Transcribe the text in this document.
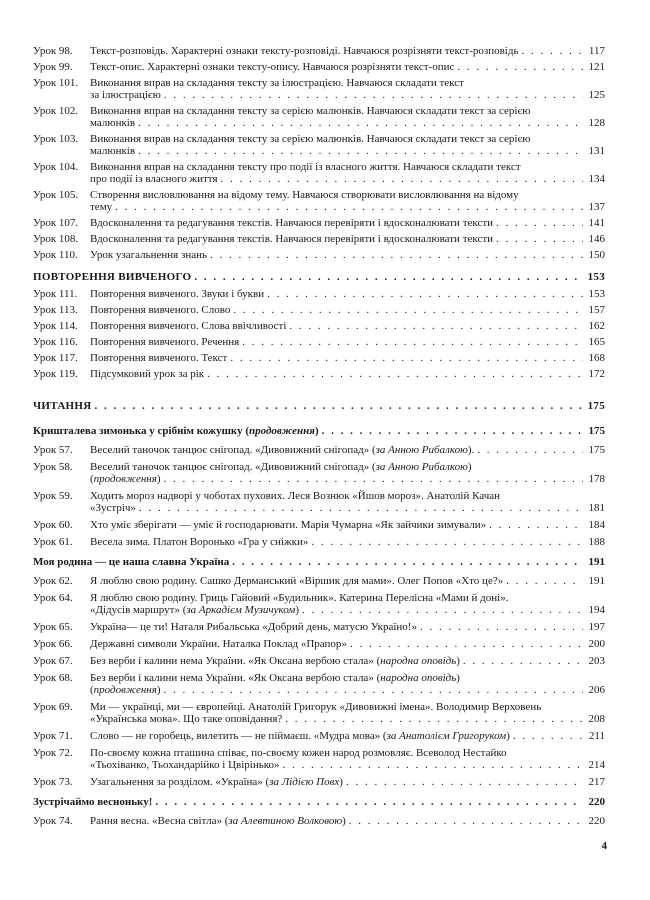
Урок 98.	Текст-розповідь. Характерні ознаки тексту-розповіді. Навчаюся розрізняти текст-розповідь . . .	117
Урок 99.	Текст-опис. Характерні ознаки тексту-опису. Навчаюся розрізняти текст-опис . . .	121
Урок 101.	Виконання вправ на складання тексту за ілюстрацією. Навчаюся складати текст
за ілюстрацією . . .	125
Урок 102.	Виконання вправ на складання тексту за серією малюнків. Навчаюся складати текст за серією
малюнків . . .	128
Урок 103.	Виконання вправ на складання тексту за серією малюнків. Навчаюся складати текст за серією
малюнків . . .	131
Урок 104.	Виконання вправ на складання тексту про події із власного життя. Навчаюся складати текст
про події із власного життя . . .	134
Урок 105.	Створення висловлювання на відому тему. Навчаюся створювати висловлювання на відому
тему . . .	137
Урок 107.	Вдосконалення та редагування текстів. Навчаюся перевіряти і вдосконалювати тексти . . .	141
Урок 108.	Вдосконалення та редагування текстів. Навчаюся перевіряти і вдосконалювати тексти . . .	146
Урок 110.	Урок узагальнення знань . . .	150
ПОВТОРЕННЯ ВИВЧЕНОГО . . .	153
Урок 111.	Повторення вивченого. Звуки і букви . . .	153
Урок 113.	Повторення вивченого. Слово . . .	157
Урок 114.	Повторення вивченого. Слова ввічливості . . .	162
Урок 116.	Повторення вивченого. Речення . . .	165
Урок 117.	Повторення вивченого. Текст . . .	168
Урок 119.	Підсумковий урок за рік . . .	172
ЧИТАННЯ . . .	175
Кришталева зимонька у срібнім кожушку (продовження) . . .	175
Урок 57.	Веселий таночок танцює снігопад. «Дивовижний снігопад» (за Анною Рибалкою). . . .	175
Урок 58.	Веселий таночок танцює снігопад. «Дивовижний снігопад» (за Анною Рибалкою)
(продовження) . . .	178
Урок 59.	Ходить мороз надворі у чоботах пухових. Леся Вознюк «Йшов мороз». Анатолій Качан
«Зустріч» . . .	181
Урок 60.	Хто уміє зберігати — уміє й господарювати. Марія Чумарна «Як зайчики зимували» . . .	184
Урок 61.	Весела зима. Платон Воронько «Гра у сніжки» . . .	188
Моя родина — це наша славна Україна . . .	191
Урок 62.	Я люблю свою родину. Сашко Дерманський «Віршик для мами». Олег Попов «Хто це?» . . .	191
Урок 64.	Я люблю свою родину. Гриць Гайовий «Будильник». Катерина Перелісна «Мами й доні».
«Дідусів маршрут» (за Аркадієм Музичуком) . . .	194
Урок 65.	Україна— це ти! Наталя Рибальська «Добрий день, матусю Україно!» . . .	197
Урок 66.	Державні символи України. Наталка Поклад «Прапор» . . .	200
Урок 67.	Без верби і калини нема України. «Як Оксана вербою стала» (народна оповідь) . . .	203
Урок 68.	Без верби і калини нема України. «Як Оксана вербою стала» (народна оповідь)
(продовження) . . .	206
Урок 69.	Ми — українці, ми — європейці. Анатолій Григорук «Дивовижні імена». Володимир Верховень
«Українська мова». Що таке оповідання? . . .	208
Урок 71.	Слово — не горобець, вилетить — не піймаєш. «Мудра мова» (за Анатолієм Григоруком) . . .	211
Урок 72.	По-своєму кожна пташина співає, по-своєму кожен народ розмовляє. Всеволод Нестайко
«Тьохіванко, Тьохандарійко і Цвірінько» . . .	214
Урок 73.	Узагальнення за розділом. «Україна» (за Лідією Повх) . . .	217
Зустрічаймо весноньку! . . .	220
Урок 74.	Рання весна. «Весна світла» (за Алевтиною Волковою) . . .	220
4
